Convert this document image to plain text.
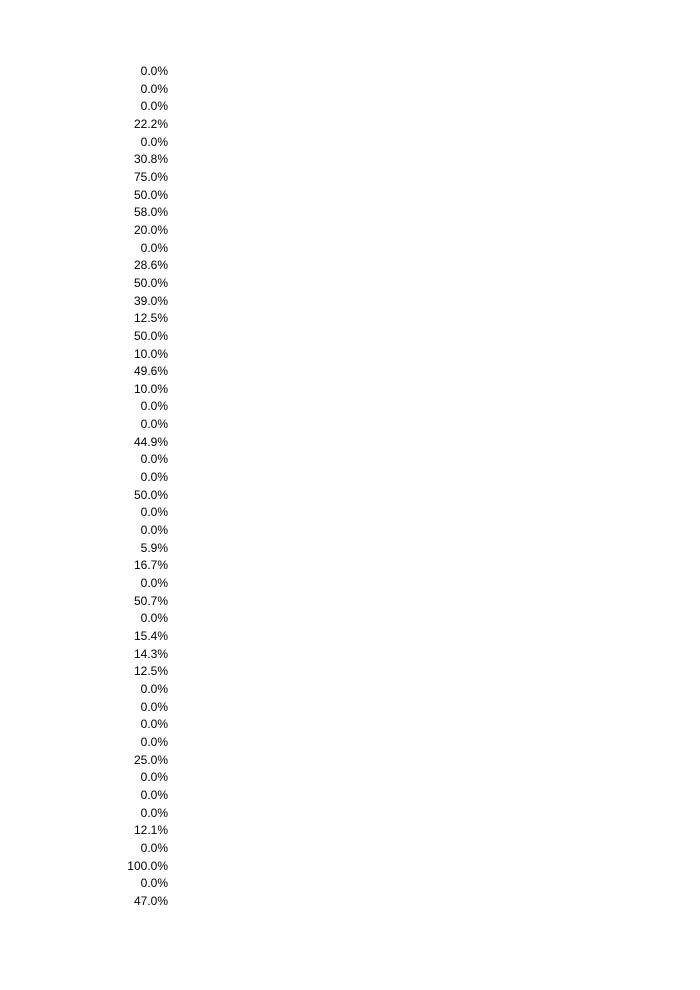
0.0%
0.0%
0.0%
22.2%
0.0%
30.8%
75.0%
50.0%
58.0%
20.0%
0.0%
28.6%
50.0%
39.0%
12.5%
50.0%
10.0%
49.6%
10.0%
0.0%
0.0%
44.9%
0.0%
0.0%
50.0%
0.0%
0.0%
5.9%
16.7%
0.0%
50.7%
0.0%
15.4%
14.3%
12.5%
0.0%
0.0%
0.0%
0.0%
25.0%
0.0%
0.0%
0.0%
12.1%
0.0%
100.0%
0.0%
47.0%
